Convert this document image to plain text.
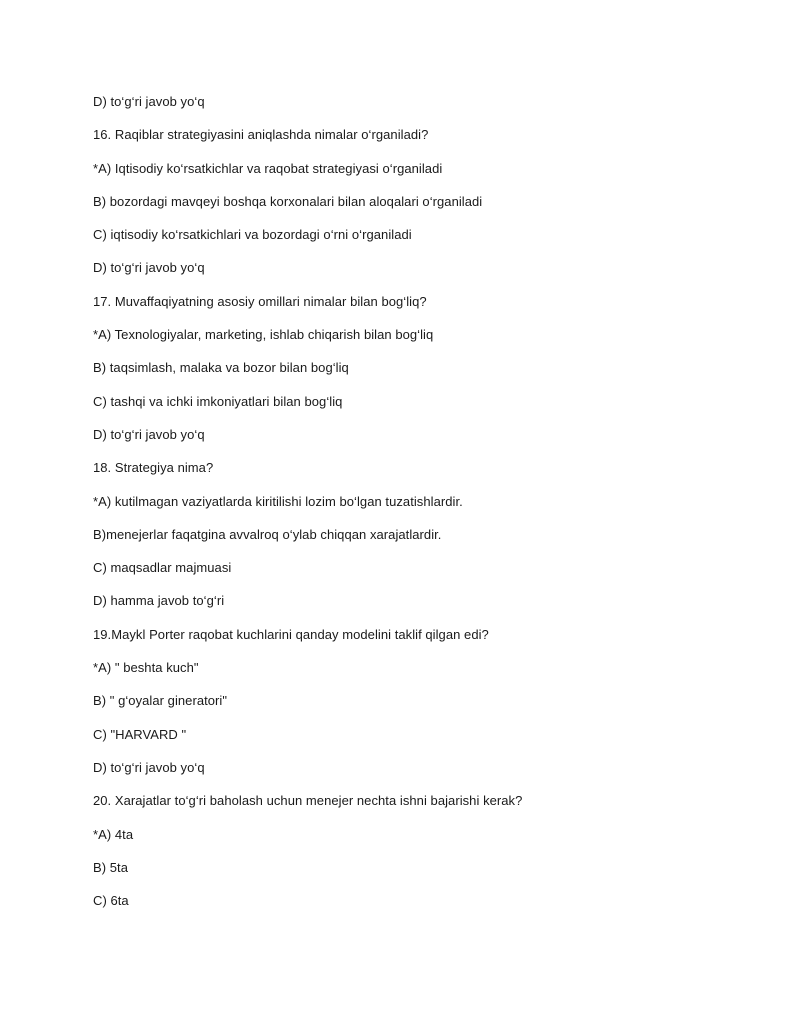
D) to‘g‘ri javob yo‘q
16. Raqiblar strategiyasini aniqlashda nimalar o‘rganiladi?
*A) Iqtisodiy ko‘rsatkichlar va raqobat strategiyasi o‘rganiladi
B) bozordagi mavqeyi boshqa korxonalari bilan aloqalari o‘rganiladi
C) iqtisodiy ko‘rsatkichlari va bozordagi o‘rni o‘rganiladi
D) to‘g‘ri javob yo‘q
17. Muvaffaqiyatning asosiy omillari nimalar bilan bog‘liq?
*A) Texnologiyalar, marketing, ishlab chiqarish bilan bog‘liq
B) taqsimlash, malaka va bozor bilan bog‘liq
C) tashqi va ichki imkoniyatlari bilan bog‘liq
D) to‘g‘ri javob yo‘q
18. Strategiya nima?
*A) kutilmagan vaziyatlarda kiritilishi lozim bo‘lgan tuzatishlardir.
B)menejerlar faqatgina avvalroq o‘ylab chiqqan xarajatlardir.
C) maqsadlar majmuasi
D) hamma javob to‘g‘ri
19.Maykl Porter raqobat kuchlarini qanday modelini taklif qilgan edi?
*A) " beshta kuch"
B) " g‘oyalar gineratori"
C) "HARVARD "
D) to‘g‘ri javob yo‘q
20. Xarajatlar to‘g‘ri baholash uchun menejer nechta ishni bajarishi kerak?
*A) 4ta
B) 5ta
C) 6ta
